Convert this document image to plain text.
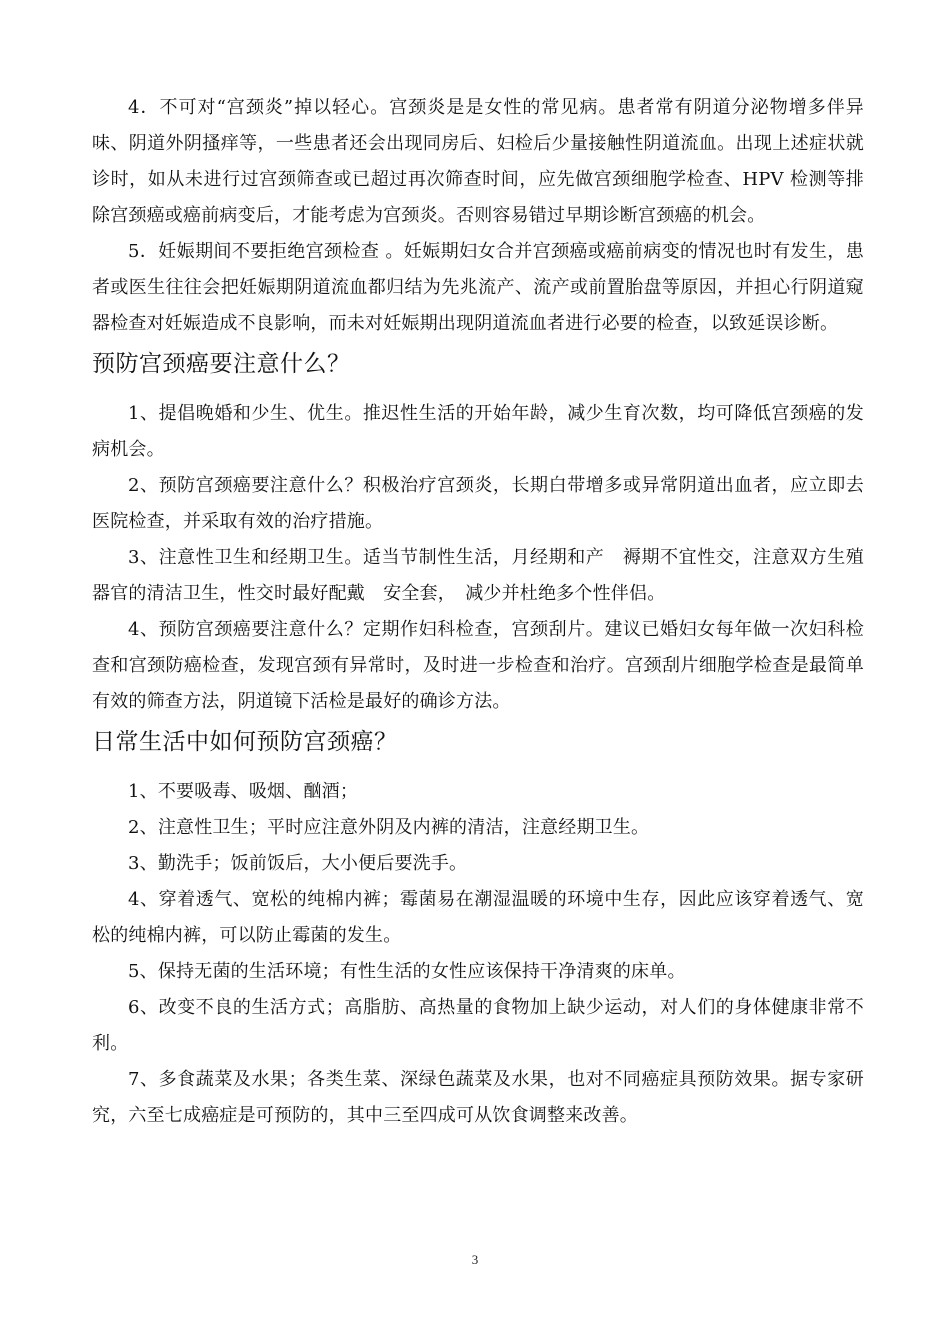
4．不可对“宫颈炎”掉以轻心。宫颈炎是是女性的常见病。患者常有阴道分泌物增多伴异味、阴道外阴搔痒等，一些患者还会出现同房后、妇检后少量接触性阴道流血。出现上述症状就诊时，如从未进行过宫颈筛查或已超过再次筛查时间，应先做宫颈细胞学检查、HPV 检测等排除宫颈癌或癌前病变后，才能考虑为宫颈炎。否则容易错过早期诊断宫颈癌的机会。

5．妊娠期间不要拒绝宫颈检查 。妊娠期妇女合并宫颈癌或癌前病变的情况也时有发生，患者或医生往往会把妊娠期阴道流血都归结为先兆流产、流产或前置胎盘等原因，并担心行阴道窥器检查对妊娠造成不良影响，而未对妊娠期出现阴道流血者进行必要的检查，以致延误诊断。

预防宫颈癌要注意什么？

1、提倡晚婚和少生、优生。推迟性生活的开始年龄，减少生育次数，均可降低宫颈癌的发病机会。

2、预防宫颈癌要注意什么？积极治疗宫颈炎，长期白带增多或异常阴道出血者，应立即去医院检查，并采取有效的治疗措施。

3、注意性卫生和经期卫生。适当节制性生活，月经期和产　褥期不宜性交，注意双方生殖器官的清洁卫生，性交时最好配戴　安全套，　减少并杜绝多个性伴侣。

4、预防宫颈癌要注意什么？定期作妇科检查，宫颈刮片。建议已婚妇女每年做一次妇科检查和宫颈防癌检查，发现宫颈有异常时，及时进一步检查和治疗。宫颈刮片细胞学检查是最简单有效的筛查方法，阴道镜下活检是最好的确诊方法。

日常生活中如何预防宫颈癌？

1、不要吸毒、吸烟、酗酒；

2、注意性卫生；平时应注意外阴及内裤的清洁，注意经期卫生。

3、勤洗手；饭前饭后，大小便后要洗手。

4、穿着透气、宽松的纯棉内裤；霉菌易在潮湿温暖的环境中生存，因此应该穿着透气、宽松的纯棉内裤，可以防止霉菌的发生。

5、保持无菌的生活环境；有性生活的女性应该保持干净清爽的床单。

6、改变不良的生活方式；高脂肪、高热量的食物加上缺少运动，对人们的身体健康非常不利。

7、多食蔬菜及水果；各类生菜、深绿色蔬菜及水果，也对不同癌症具预防效果。据专家研究，六至七成癌症是可预防的，其中三至四成可从饮食调整来改善。

3
